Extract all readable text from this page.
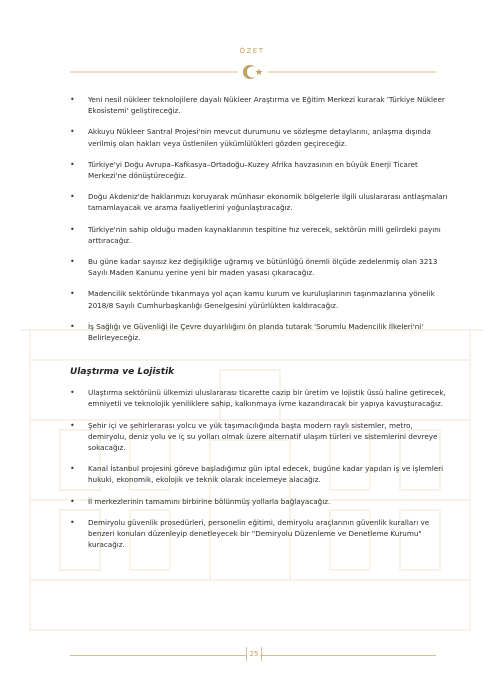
ÖZET
• Yeni nesil nükleer teknolojilere dayalı Nükleer Araştırma ve Eğitim Merkezi kurarak 'Türkiye Nükleer Ekosistemi' geliştireceğiz.
• Akkuyu Nükleer Santral Projesi'nin mevcut durumunu ve sözleşme detaylarını, anlaşma dışında verilmiş olan hakları veya üstlenilen yükümlülükleri gözden geçireceğiz.
• Türkiye'yi Doğu Avrupa–Kafkasya–Ortadoğu–Kuzey Afrika havzasının en büyük Enerji Ticaret Merkezi'ne dönüştüreceğiz.
• Doğu Akdeniz'de haklarımızı koruyarak münhasır ekonomik bölgelerle ilgili uluslararası antlaşmaları tamamlayacak ve arama faaliyetlerini yoğunlaştıracağız.
• Türkiye'nin sahip olduğu maden kaynaklarının tespitine hız verecek, sektörün milli gelirdeki payını arttıracağız.
• Bu güne kadar sayısız kez değişikliğe uğramış ve bütünlüğü önemli ölçüde zedelenmiş olan 3213 Sayılı Maden Kanunu yerine yeni bir maden yasası çıkaracağız.
• Madencilik sektöründe tıkanmaya yol açan kamu kurum ve kuruluşlarının taşınmazlarına yönelik 2018/8 Sayılı Cumhurbaşkanlığı Genelgesini yürürlükten kaldıracağız.
• İş Sağlığı ve Güvenliği ile Çevre duyarlılığını ön planda tutarak 'Sorumlu Madencilik İlkeleri'ni' Belirleyeceğiz.
Ulaştırma ve Lojistik
• Ulaştırma sektörünü ülkemizi uluslararası ticarette cazip bir üretim ve lojistik üssü haline getirecek, emniyetli ve teknolojik yeniliklere sahip, kalkınmaya ivme kazandıracak bir yapıya kavuşturacağız.
• Şehir içi ve şehirlerarası yolcu ve yük taşımacılığında başta modern raylı sistemler, metro, demiryolu, deniz yolu ve iç su yolları olmak üzere alternatif ulaşım türleri ve sistemlerini devreye sokacağız.
• Kanal İstanbul projesini göreve başladığımız gün iptal edecek, bugüne kadar yapılan iş ve işlemleri hukuki, ekonomik, ekolojik ve teknik olarak incelemeye alacağız.
• İl merkezlerinin tamamını birbirine bölünmüş yollarla bağlayacağız.
• Demiryolu güvenlik prosedürleri, personelin eğitimi, demiryolu araçlarının güvenlik kuralları ve benzeri konuları düzenleyip denetleyecek bir "Demiryolu Düzenleme ve Denetleme Kurumu" kuracağız.
25
